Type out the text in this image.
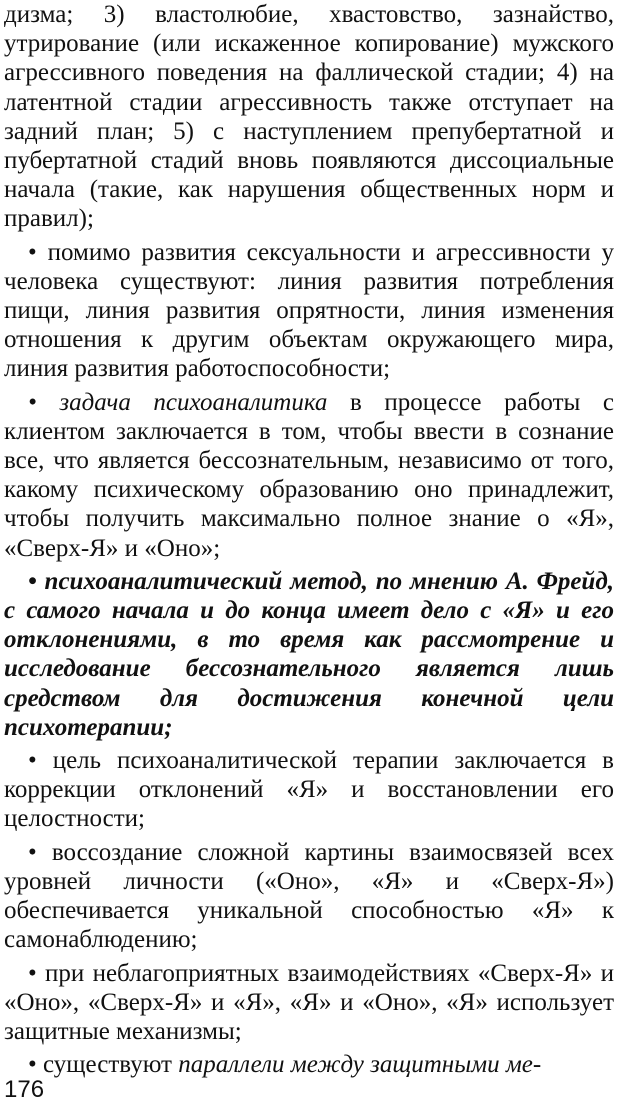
дизма; 3) властолюбие, хвастовство, зазнайство, утрирование (или искаженное копирование) мужского агрессивного поведения на фаллической стадии; 4) на латентной стадии агрессивность также отступает на задний план; 5) с наступлением препубертатной и пубертатной стадий вновь появляются диссоциальные начала (такие, как нарушения общественных норм и правил);

• помимо развития сексуальности и агрессивности у человека существуют: линия развития потребления пищи, линия развития опрятности, линия изменения отношения к другим объектам окружающего мира, линия развития работоспособности;

• задача психоаналитика в процессе работы с клиентом заключается в том, чтобы ввести в сознание все, что является бессознательным, независимо от того, какому психическому образованию оно принадлежит, чтобы получить максимально полное знание о «Я», «Сверх-Я» и «Оно»;

• психоаналитический метод, по мнению А. Фрейд, с самого начала и до конца имеет дело с «Я» и его отклонениями, в то время как рассмотрение и исследование бессознательного является лишь средством для достижения конечной цели психотерапии;

• цель психоаналитической терапии заключается в коррекции отклонений «Я» и восстановлении его целостности;

• воссоздание сложной картины взаимосвязей всех уровней личности («Оно», «Я» и «Сверх-Я») обеспечивается уникальной способностью «Я» к самонаблюдению;

• при неблагоприятных взаимодействиях «Сверх-Я» и «Оно», «Сверх-Я» и «Я», «Я» и «Оно», «Я» использует защитные механизмы;

• существуют параллели между защитными ме-

176
